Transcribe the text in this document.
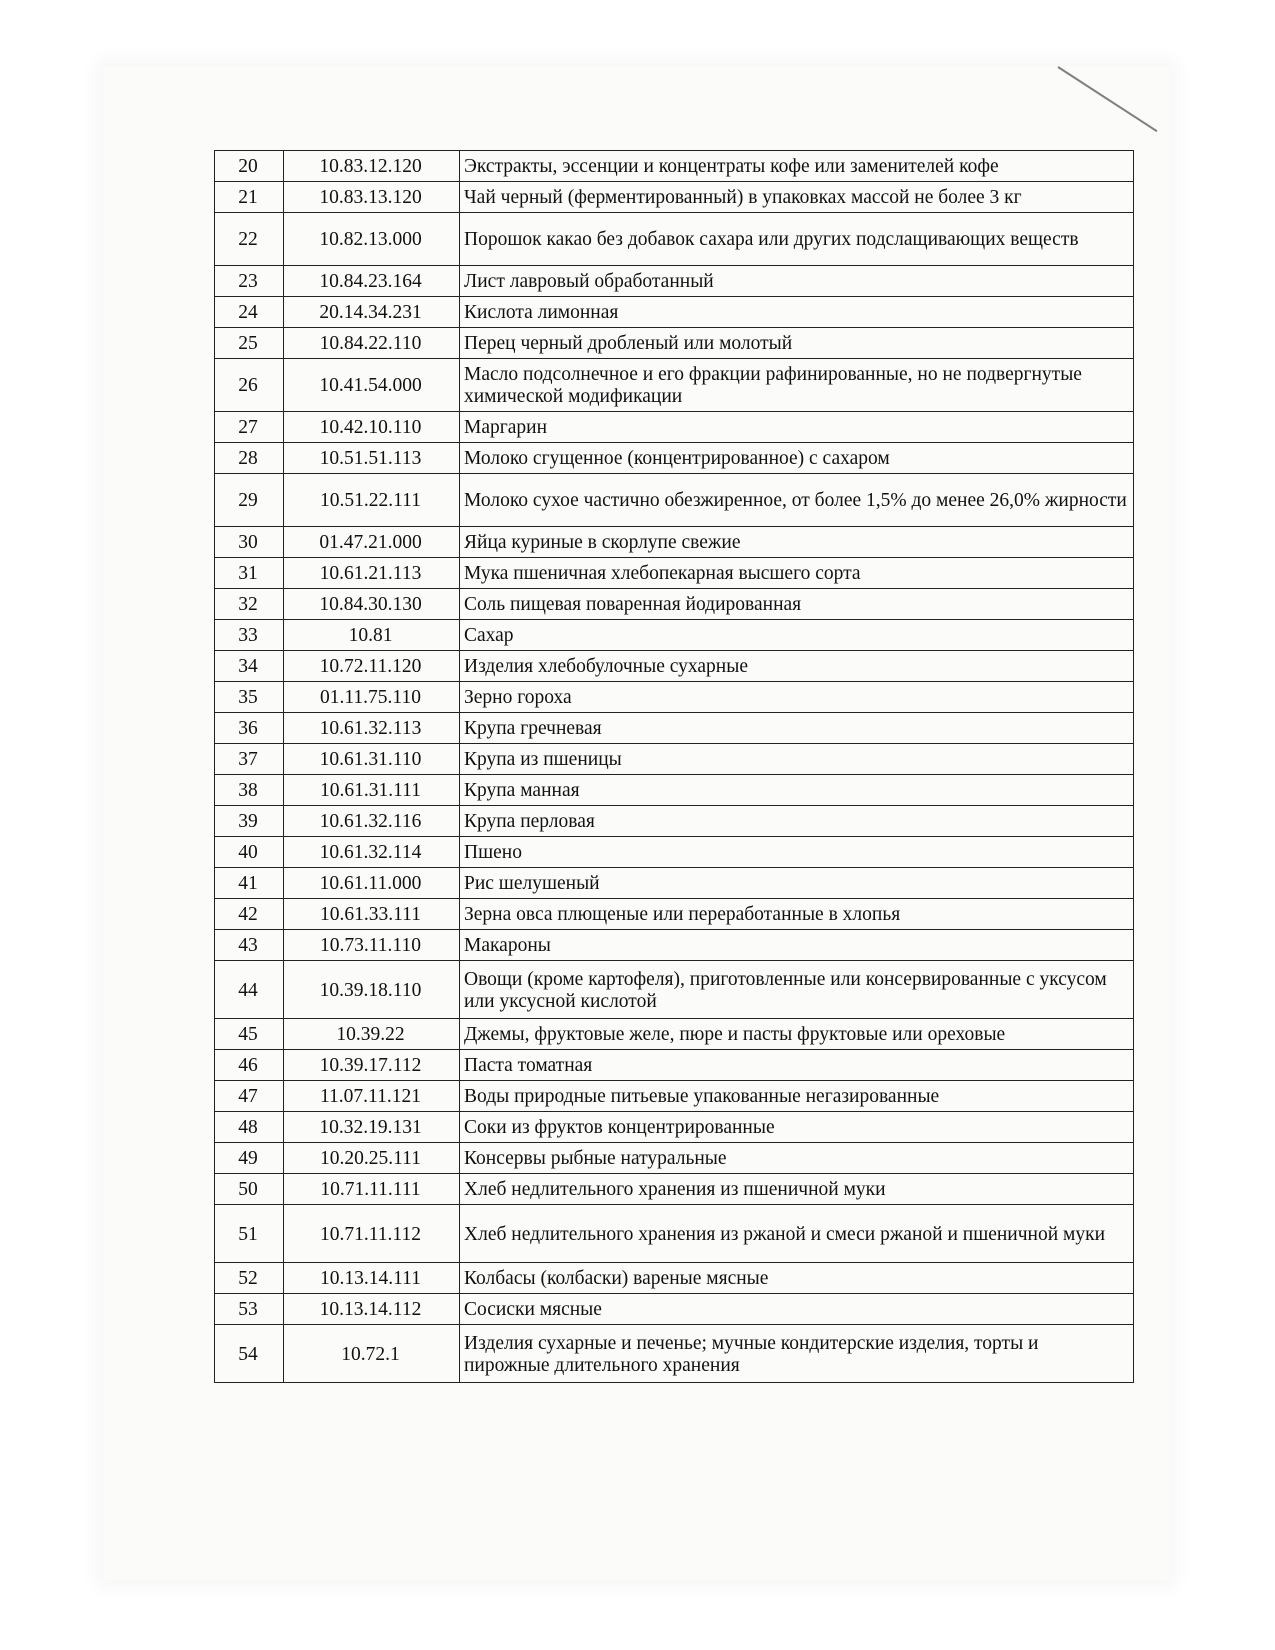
20	10.83.12.120	Экстракты, эссенции и концентраты кофе или заменителей кофе
21	10.83.13.120	Чай черный (ферментированный) в упаковках массой не более 3 кг
22	10.82.13.000	Порошок какао без добавок сахара или других подслащивающих веществ
23	10.84.23.164	Лист лавровый обработанный
24	20.14.34.231	Кислота лимонная
25	10.84.22.110	Перец черный дробленый или молотый
26	10.41.54.000	Масло подсолнечное и его фракции рафинированные, но не подвергнутые химической модификации
27	10.42.10.110	Маргарин
28	10.51.51.113	Молоко сгущенное (концентрированное) с сахаром
29	10.51.22.111	Молоко сухое частично обезжиренное, от более 1,5% до менее 26,0% жирности
30	01.47.21.000	Яйца куриные в скорлупе свежие
31	10.61.21.113	Мука пшеничная хлебопекарная высшего сорта
32	10.84.30.130	Соль пищевая поваренная йодированная
33	10.81	Сахар
34	10.72.11.120	Изделия хлебобулочные сухарные
35	01.11.75.110	Зерно гороха
36	10.61.32.113	Крупа гречневая
37	10.61.31.110	Крупа из пшеницы
38	10.61.31.111	Крупа манная
39	10.61.32.116	Крупа перловая
40	10.61.32.114	Пшено
41	10.61.11.000	Рис шелушеный
42	10.61.33.111	Зерна овса плющеные или переработанные в хлопья
43	10.73.11.110	Макароны
44	10.39.18.110	Овощи (кроме картофеля), приготовленные или консервированные с уксусом или уксусной кислотой
45	10.39.22	Джемы, фруктовые желе, пюре и пасты фруктовые или ореховые
46	10.39.17.112	Паста томатная
47	11.07.11.121	Воды природные питьевые упакованные негазированные
48	10.32.19.131	Соки из фруктов концентрированные
49	10.20.25.111	Консервы рыбные натуральные
50	10.71.11.111	Хлеб недлительного хранения из пшеничной муки
51	10.71.11.112	Хлеб недлительного хранения из ржаной и смеси ржаной и пшеничной муки
52	10.13.14.111	Колбасы (колбаски) вареные мясные
53	10.13.14.112	Сосиски мясные
54	10.72.1	Изделия сухарные и печенье; мучные кондитерские изделия, торты и пирожные длительного хранения
